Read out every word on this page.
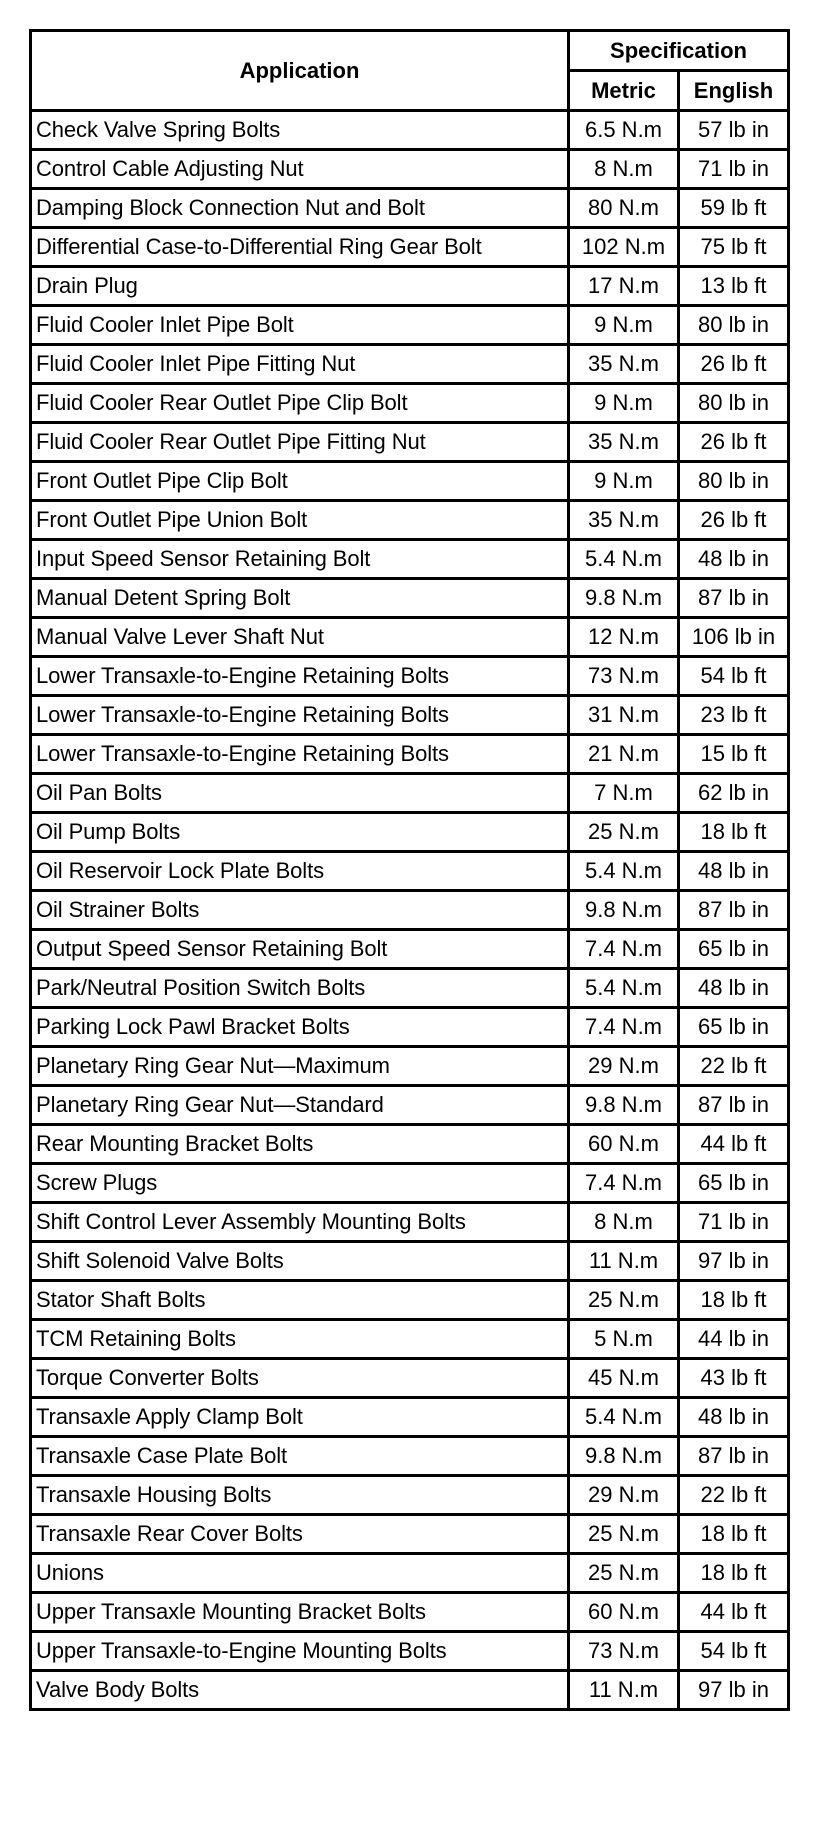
Application	Specification	
	Metric	English
Check Valve Spring Bolts	6.5 N.m	57 lb in
Control Cable Adjusting Nut	8 N.m	71 lb in
Damping Block Connection Nut and Bolt	80 N.m	59 lb ft
Differential Case-to-Differential Ring Gear Bolt	102 N.m	75 lb ft
Drain Plug	17 N.m	13 lb ft
Fluid Cooler Inlet Pipe Bolt	9 N.m	80 lb in
Fluid Cooler Inlet Pipe Fitting Nut	35 N.m	26 lb ft
Fluid Cooler Rear Outlet Pipe Clip Bolt	9 N.m	80 lb in
Fluid Cooler Rear Outlet Pipe Fitting Nut	35 N.m	26 lb ft
Front Outlet Pipe Clip Bolt	9 N.m	80 lb in
Front Outlet Pipe Union Bolt	35 N.m	26 lb ft
Input Speed Sensor Retaining Bolt	5.4 N.m	48 lb in
Manual Detent Spring Bolt	9.8 N.m	87 lb in
Manual Valve Lever Shaft Nut	12 N.m	106 lb in
Lower Transaxle-to-Engine Retaining Bolts	73 N.m	54 lb ft
Lower Transaxle-to-Engine Retaining Bolts	31 N.m	23 lb ft
Lower Transaxle-to-Engine Retaining Bolts	21 N.m	15 lb ft
Oil Pan Bolts	7 N.m	62 lb in
Oil Pump Bolts	25 N.m	18 lb ft
Oil Reservoir Lock Plate Bolts	5.4 N.m	48 lb in
Oil Strainer Bolts	9.8 N.m	87 lb in
Output Speed Sensor Retaining Bolt	7.4 N.m	65 lb in
Park/Neutral Position Switch Bolts	5.4 N.m	48 lb in
Parking Lock Pawl Bracket Bolts	7.4 N.m	65 lb in
Planetary Ring Gear Nut—Maximum	29 N.m	22 lb ft
Planetary Ring Gear Nut—Standard	9.8 N.m	87 lb in
Rear Mounting Bracket Bolts	60 N.m	44 lb ft
Screw Plugs	7.4 N.m	65 lb in
Shift Control Lever Assembly Mounting Bolts	8 N.m	71 lb in
Shift Solenoid Valve Bolts	11 N.m	97 lb in
Stator Shaft Bolts	25 N.m	18 lb ft
TCM Retaining Bolts	5 N.m	44 lb in
Torque Converter Bolts	45 N.m	43 lb ft
Transaxle Apply Clamp Bolt	5.4 N.m	48 lb in
Transaxle Case Plate Bolt	9.8 N.m	87 lb in
Transaxle Housing Bolts	29 N.m	22 lb ft
Transaxle Rear Cover Bolts	25 N.m	18 lb ft
Unions	25 N.m	18 lb ft
Upper Transaxle Mounting Bracket Bolts	60 N.m	44 lb ft
Upper Transaxle-to-Engine Mounting Bolts	73 N.m	54 lb ft
Valve Body Bolts	11 N.m	97 lb in
